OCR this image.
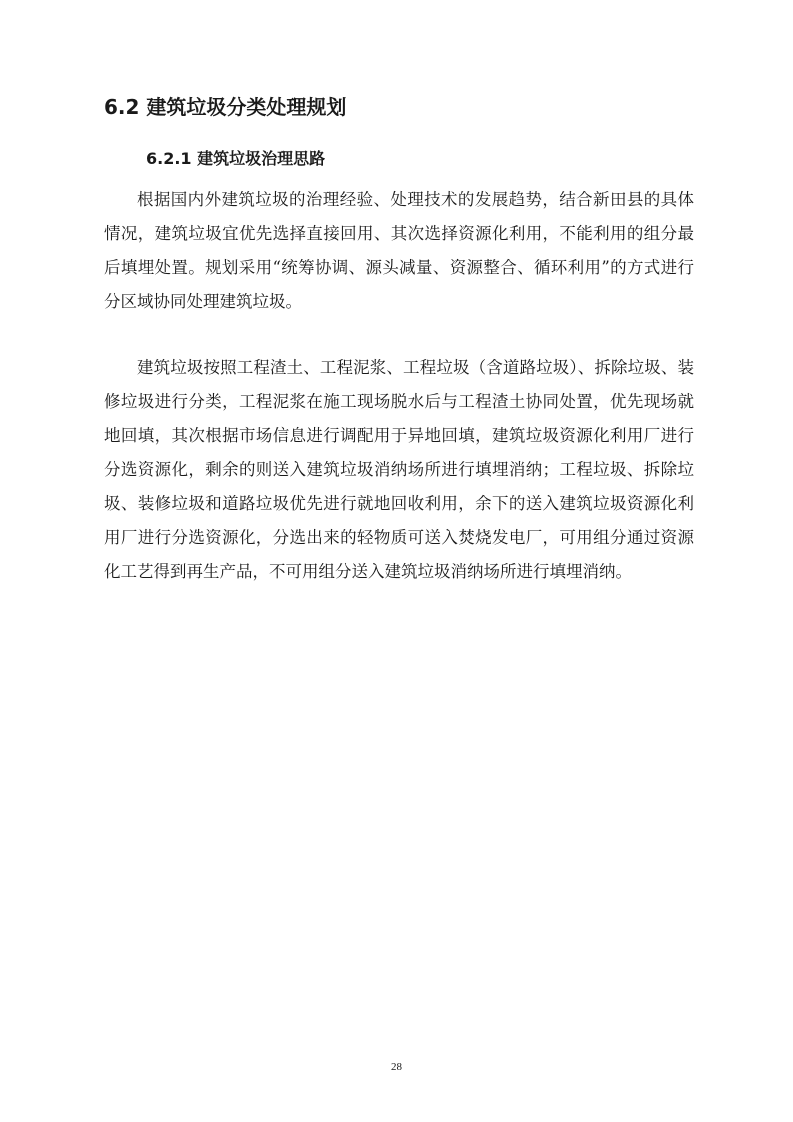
6.2 建筑垃圾分类处理规划
6.2.1 建筑垃圾治理思路

根据国内外建筑垃圾的治理经验、处理技术的发展趋势，结合新田县的具体情况，建筑垃圾宜优先选择直接回用、其次选择资源化利用，不能利用的组分最后填埋处置。规划采用“统筹协调、源头减量、资源整合、循环利用”的方式进行分区域协同处理建筑垃圾。

建筑垃圾按照工程渣土、工程泥浆、工程垃圾（含道路垃圾）、拆除垃圾、装修垃圾进行分类，工程泥浆在施工现场脱水后与工程渣土协同处置，优先现场就地回填，其次根据市场信息进行调配用于异地回填，建筑垃圾资源化利用厂进行分选资源化，剩余的则送入建筑垃圾消纳场所进行填埋消纳；工程垃圾、拆除垃圾、装修垃圾和道路垃圾优先进行就地回收利用，余下的送入建筑垃圾资源化利用厂进行分选资源化，分选出来的轻物质可送入焚烧发电厂，可用组分通过资源化工艺得到再生产品，不可用组分送入建筑垃圾消纳场所进行填埋消纳。

28
